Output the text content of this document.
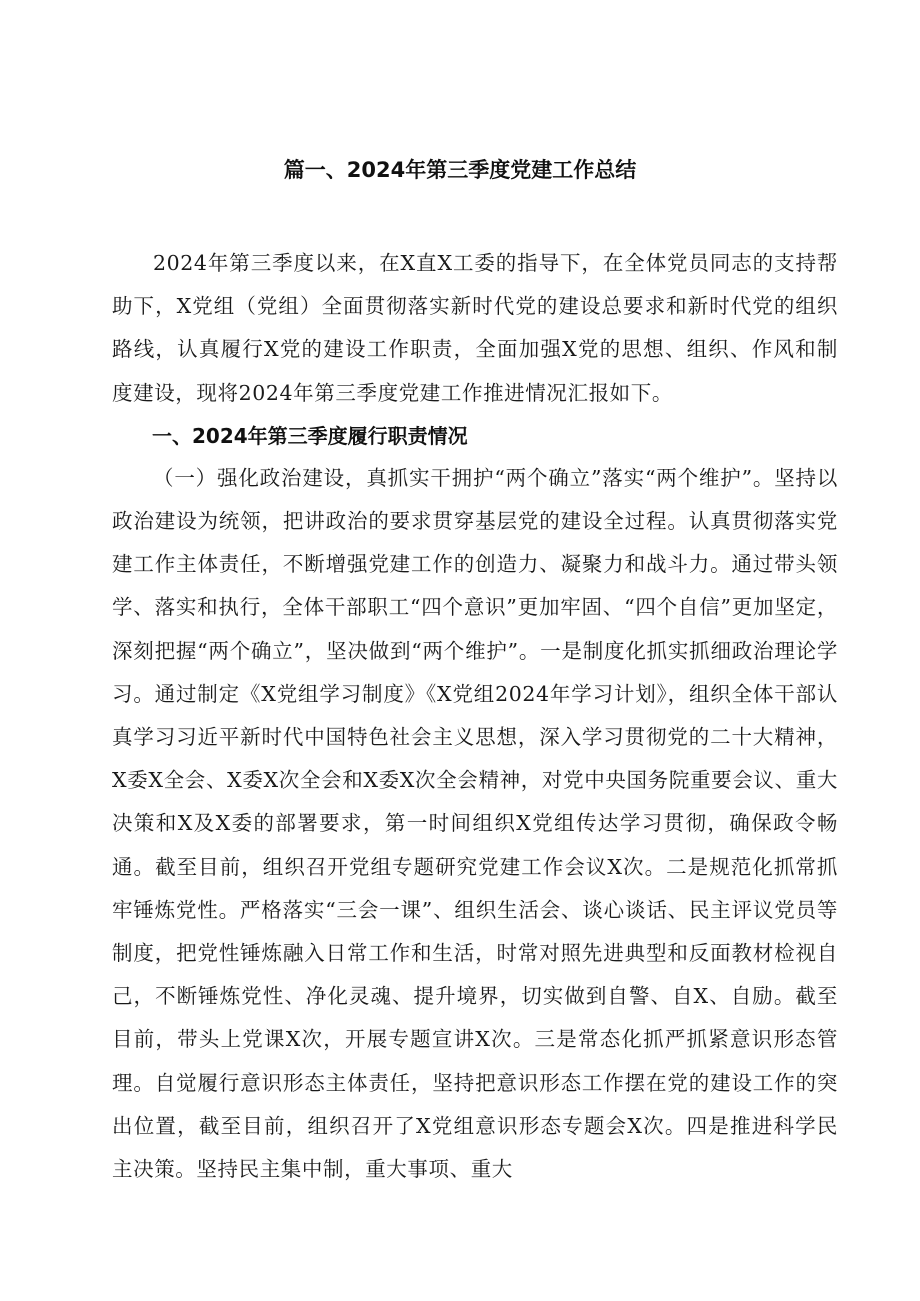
篇一、2024年第三季度党建工作总结

2024年第三季度以来，在X直X工委的指导下，在全体党员同志的支持帮助下，X党组（党组）全面贯彻落实新时代党的建设总要求和新时代党的组织路线，认真履行X党的建设工作职责，全面加强X党的思想、组织、作风和制度建设，现将2024年第三季度党建工作推进情况汇报如下。

一、2024年第三季度履行职责情况

（一）强化政治建设，真抓实干拥护“两个确立”落实“两个维护”。坚持以政治建设为统领，把讲政治的要求贯穿基层党的建设全过程。认真贯彻落实党建工作主体责任，不断增强党建工作的创造力、凝聚力和战斗力。通过带头领学、落实和执行，全体干部职工“四个意识”更加牢固、“四个自信”更加坚定，深刻把握“两个确立”，坚决做到“两个维护”。一是制度化抓实抓细政治理论学习。通过制定《X党组学习制度》《X党组2024年学习计划》，组织全体干部认真学习习近平新时代中国特色社会主义思想，深入学习贯彻党的二十大精神，X委X全会、X委X次全会和X委X次全会精神，对党中央国务院重要会议、重大决策和X及X委的部署要求，第一时间组织X党组传达学习贯彻，确保政令畅通。截至目前，组织召开党组专题研究党建工作会议X次。二是规范化抓常抓牢锤炼党性。严格落实“三会一课”、组织生活会、谈心谈话、民主评议党员等制度，把党性锤炼融入日常工作和生活，时常对照先进典型和反面教材检视自己，不断锤炼党性、净化灵魂、提升境界，切实做到自警、自X、自励。截至目前，带头上党课X次，开展专题宣讲X次。三是常态化抓严抓紧意识形态管理。自觉履行意识形态主体责任，坚持把意识形态工作摆在党的建设工作的突出位置，截至目前，组织召开了X党组意识形态专题会X次。四是推进科学民主决策。坚持民主集中制，重大事项、重大
